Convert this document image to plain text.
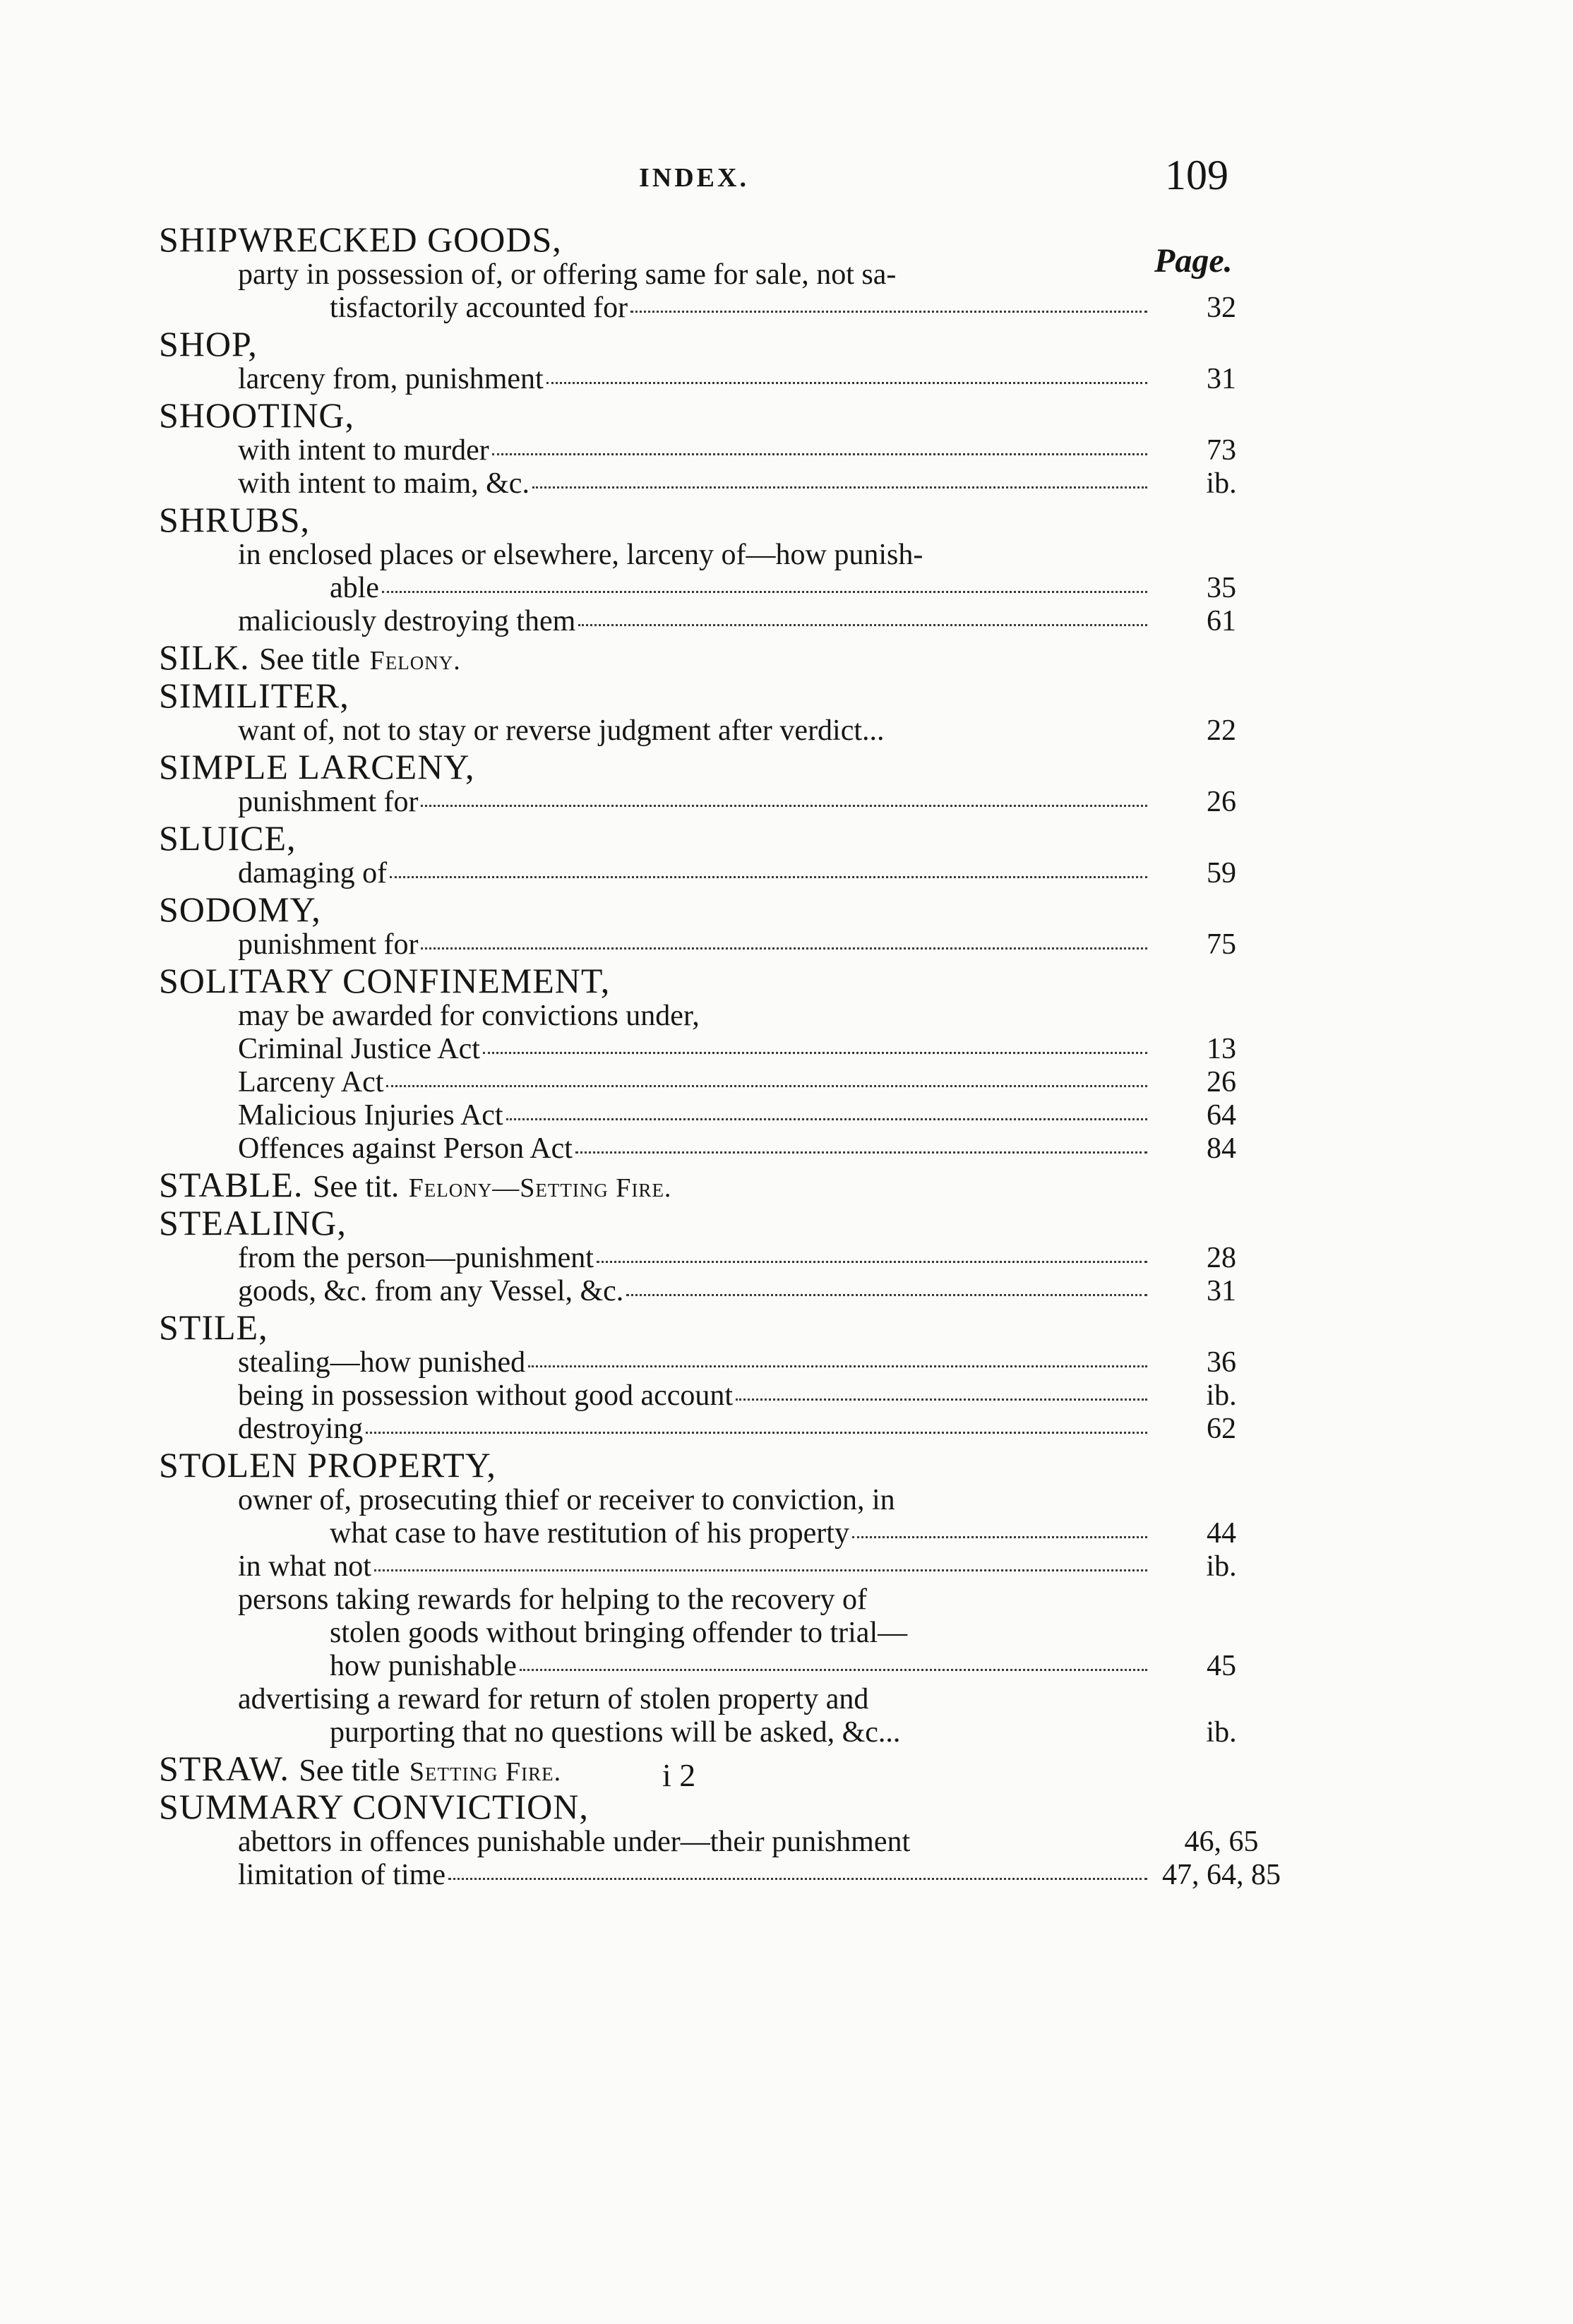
INDEX.	109
Page.
SHIPWRECKED GOODS,
party in possession of, or offering same for sale, not sa-
tisfactorily accounted for	32
SHOP,
larceny from, punishment	31
SHOOTING,
with intent to murder	73
with intent to maim, &c.	ib.
SHRUBS,
in enclosed places or elsewhere, larceny of—how punish-
able	35
maliciously destroying them	61
SILK. See title Felony.
SIMILITER,
want of, not to stay or reverse judgment after verdict...	22
SIMPLE LARCENY,
punishment for	26
SLUICE,
damaging of	59
SODOMY,
punishment for	75
SOLITARY CONFINEMENT,
may be awarded for convictions under,
Criminal Justice Act	13
Larceny Act	26
Malicious Injuries Act	64
Offences against Person Act	84
STABLE. See tit. Felony—Setting Fire.
STEALING,
from the person—punishment	28
goods, &c. from any Vessel, &c.	31
STILE,
stealing—how punished	36
being in possession without good account	ib.
destroying	62
STOLEN PROPERTY,
owner of, prosecuting thief or receiver to conviction, in
what case to have restitution of his property	44
in what not	ib.
persons taking rewards for helping to the recovery of
stolen goods without bringing offender to trial—
how punishable	45
advertising a reward for return of stolen property and
purporting that no questions will be asked, &c...	ib.
STRAW. See title Setting Fire.
SUMMARY CONVICTION,
abettors in offences punishable under—their punishment	46, 65
limitation of time	47, 64, 85
i 2
